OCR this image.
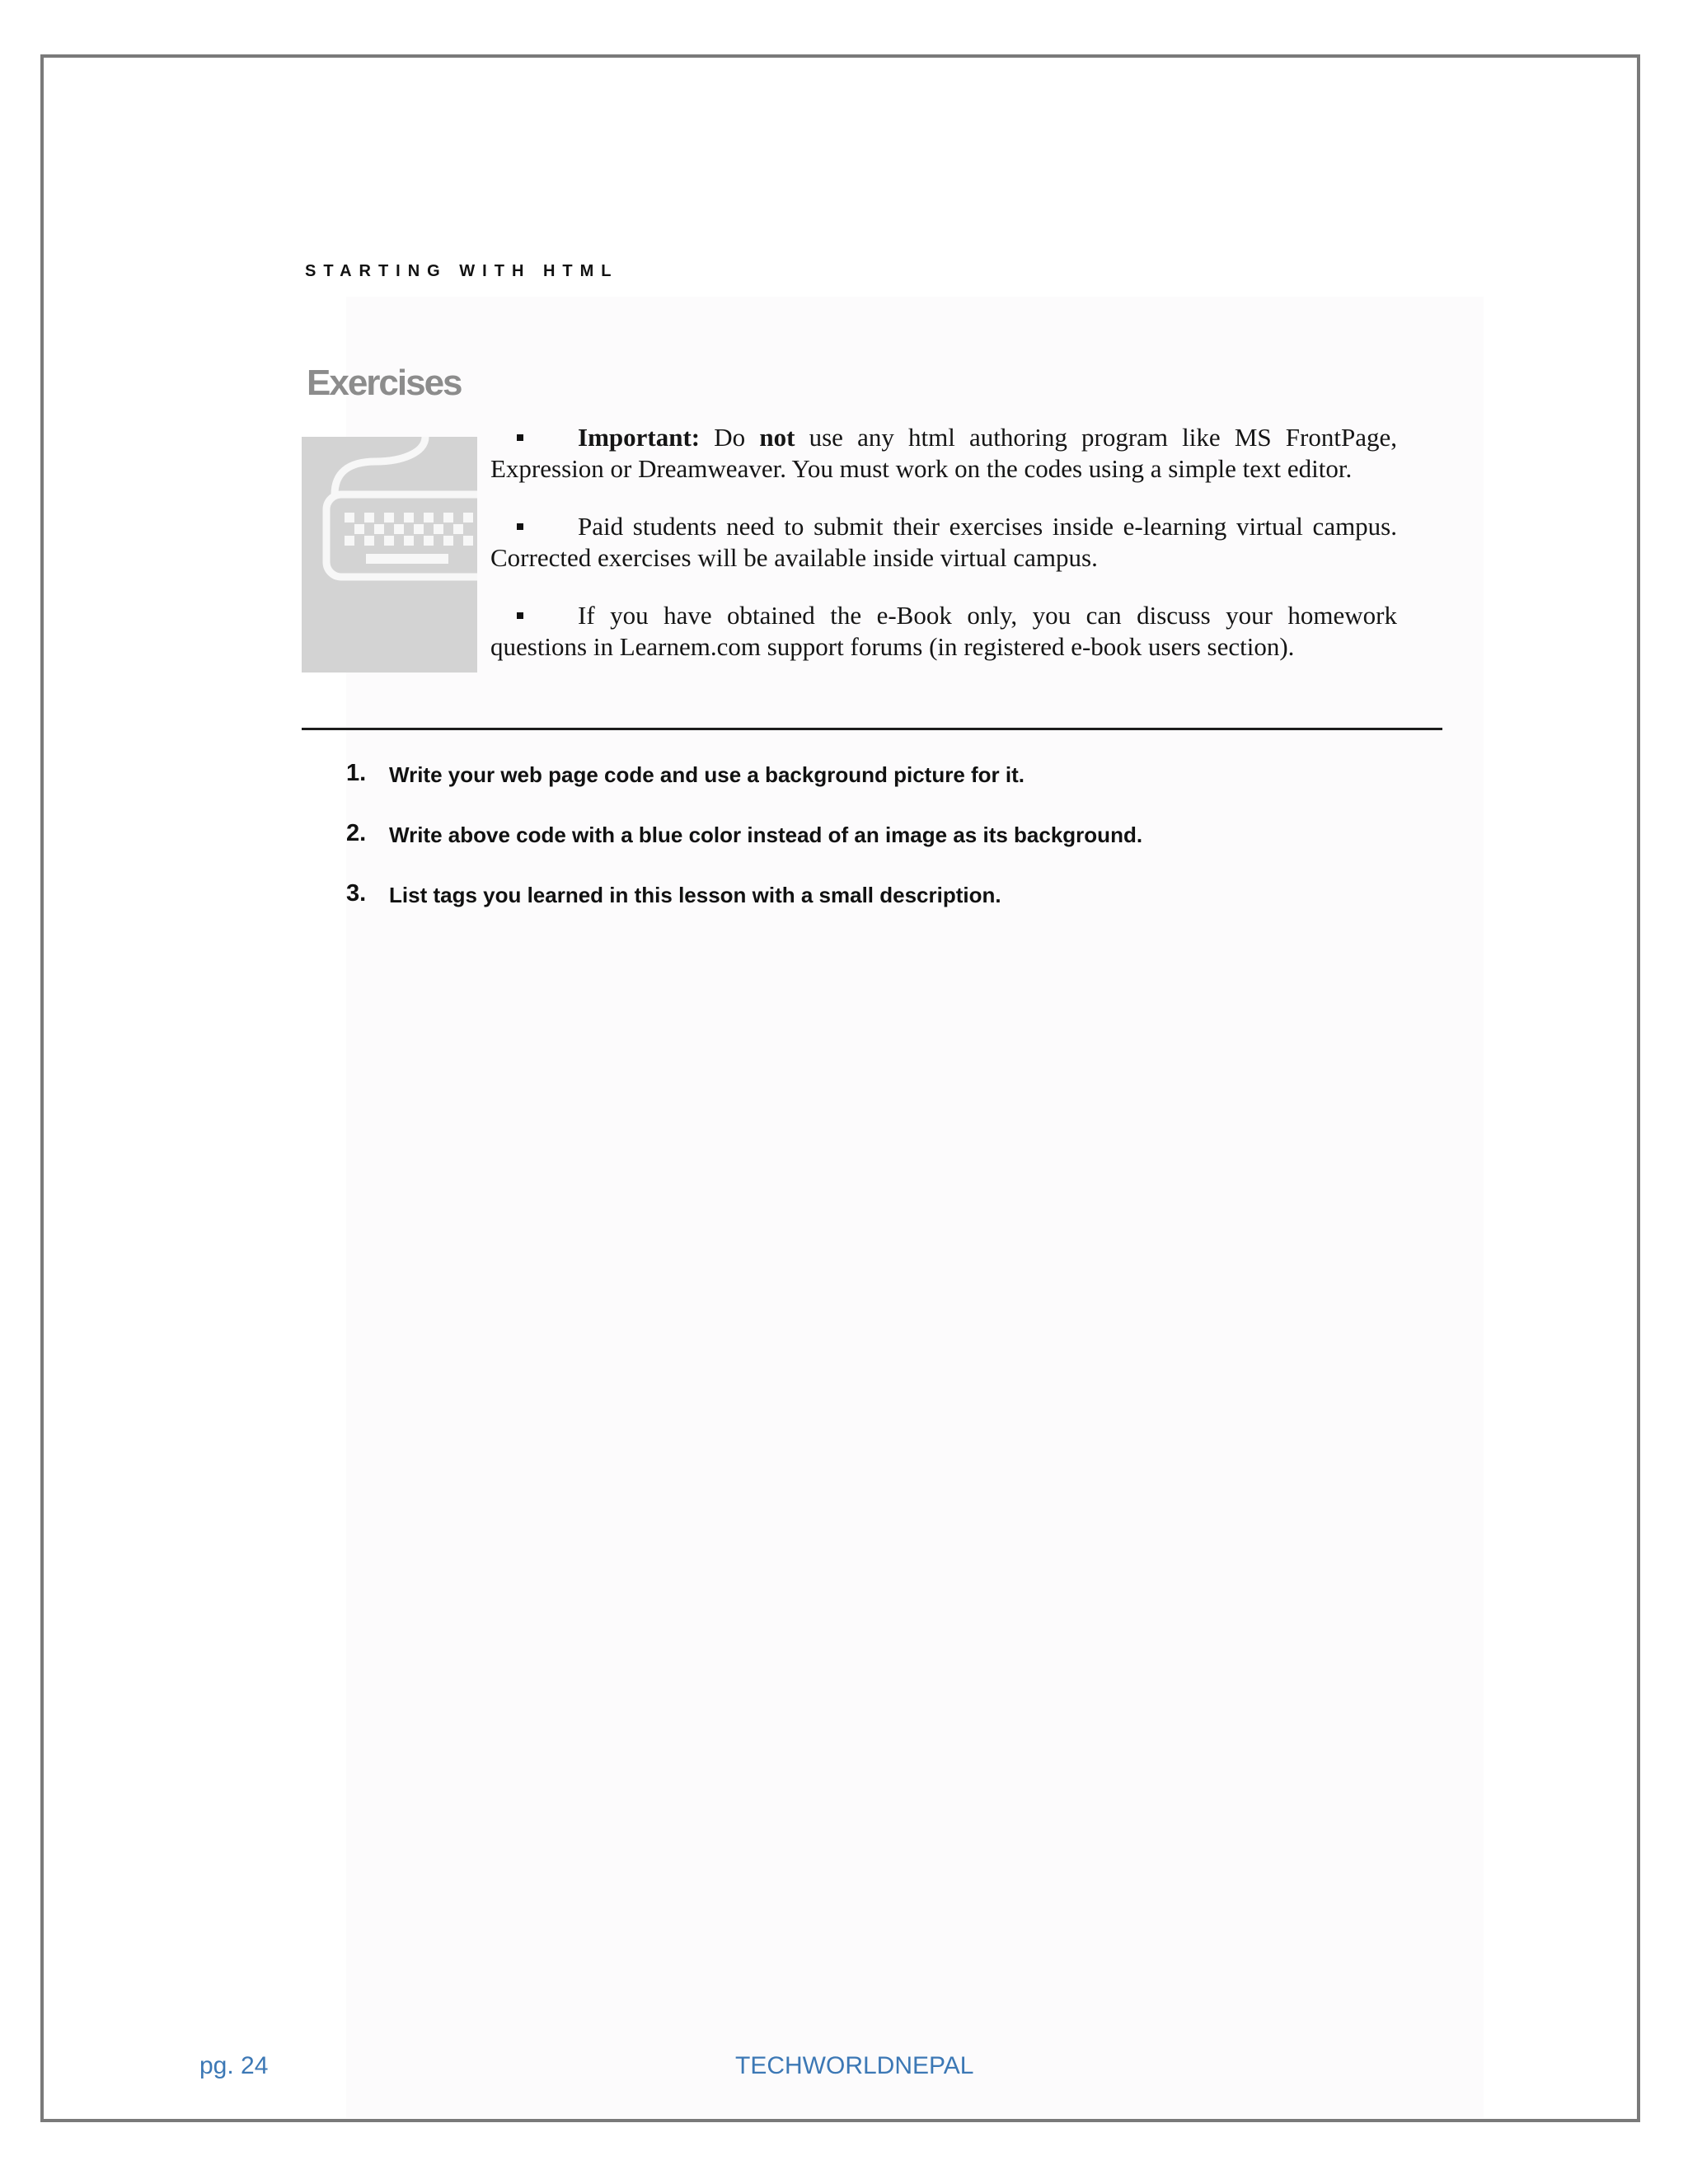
STARTING WITH HTML
Exercises

Important: Do not use any html authoring program like MS FrontPage, Expression or Dreamweaver. You must work on the codes using a simple text editor.

Paid students need to submit their exercises inside e-learning virtual campus. Corrected exercises will be available inside virtual campus.

If you have obtained the e-Book only, you can discuss your homework questions in Learnem.com support forums (in registered e-book users section).

1.	Write your web page code and use a background picture for it.
2.	Write above code with a blue color instead of an image as its background.
3.	List tags you learned in this lesson with a small description.
pg. 24	TECHWORLDNEPAL
